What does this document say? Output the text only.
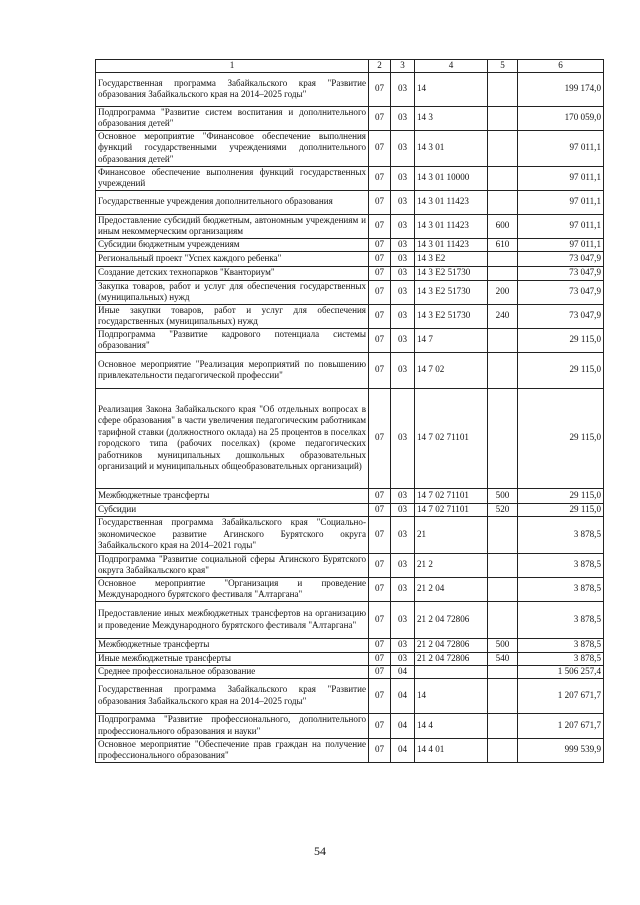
1	2	3	4	5	6
Государственная программа Забайкальского края "Развитие образования Забайкальского края на 2014–2025 годы"	07	03	14		199 174,0
Подпрограмма "Развитие систем воспитания и дополнительного образования детей"	07	03	14 3		170 059,0
Основное мероприятие "Финансовое обеспечение выполнения функций государственными учреждениями дополнительного образования детей"	07	03	14 3 01		97 011,1
Финансовое обеспечение выполнения функций государственных учреждений	07	03	14 3 01 10000		97 011,1
Государственные учреждения дополнительного образования	07	03	14 3 01 11423		97 011,1
Предоставление субсидий бюджетным, автономным учреждениям и иным некоммерческим организациям	07	03	14 3 01 11423	600	97 011,1
Субсидии бюджетным учреждениям	07	03	14 3 01 11423	610	97 011,1
Региональный проект "Успех каждого ребенка"	07	03	14 3 E2		73 047,9
Создание детских технопарков "Кванториум"	07	03	14 3 E2 51730		73 047,9
Закупка товаров, работ и услуг для обеспечения государственных (муниципальных) нужд	07	03	14 3 E2 51730	200	73 047,9
Иные закупки товаров, работ и услуг для обеспечения государственных (муниципальных) нужд	07	03	14 3 E2 51730	240	73 047,9
Подпрограмма "Развитие кадрового потенциала системы образования"	07	03	14 7		29 115,0
Основное мероприятие "Реализация мероприятий по повышению привлекательности педагогической профессии"	07	03	14 7 02		29 115,0
Реализация Закона Забайкальского края "Об отдельных вопросах в сфере образования" в части увеличения педагогическим работникам тарифной ставки (должностного оклада) на 25 процентов в поселках городского типа (рабочих поселках) (кроме педагогических работников муниципальных дошкольных образовательных организаций и муниципальных общеобразовательных организаций)	07	03	14 7 02 71101		29 115,0
Межбюджетные трансферты	07	03	14 7 02 71101	500	29 115,0
Субсидии	07	03	14 7 02 71101	520	29 115,0
Государственная программа Забайкальского края "Социально-экономическое развитие Агинского Бурятского округа Забайкальского края на 2014–2021 годы"	07	03	21		3 878,5
Подпрограмма "Развитие социальной сферы Агинского Бурятского округа Забайкальского края"	07	03	21 2		3 878,5
Основное мероприятие "Организация и проведение Международного бурятского фестиваля "Алтаргана"	07	03	21 2 04		3 878,5
Предоставление иных межбюджетных трансфертов на организацию и проведение Международного бурятского фестиваля "Алтаргана"	07	03	21 2 04 72806		3 878,5
Межбюджетные трансферты	07	03	21 2 04 72806	500	3 878,5
Иные межбюджетные трансферты	07	03	21 2 04 72806	540	3 878,5
Среднее профессиональное образование	07	04			1 506 257,4
Государственная программа Забайкальского края "Развитие образования Забайкальского края на 2014–2025 годы"	07	04	14		1 207 671,7
Подпрограмма "Развитие профессионального, дополнительного профессионального образования и науки"	07	04	14 4		1 207 671,7
Основное мероприятие "Обеспечение прав граждан на получение профессионального образования"	07	04	14 4 01		999 539,9
54
